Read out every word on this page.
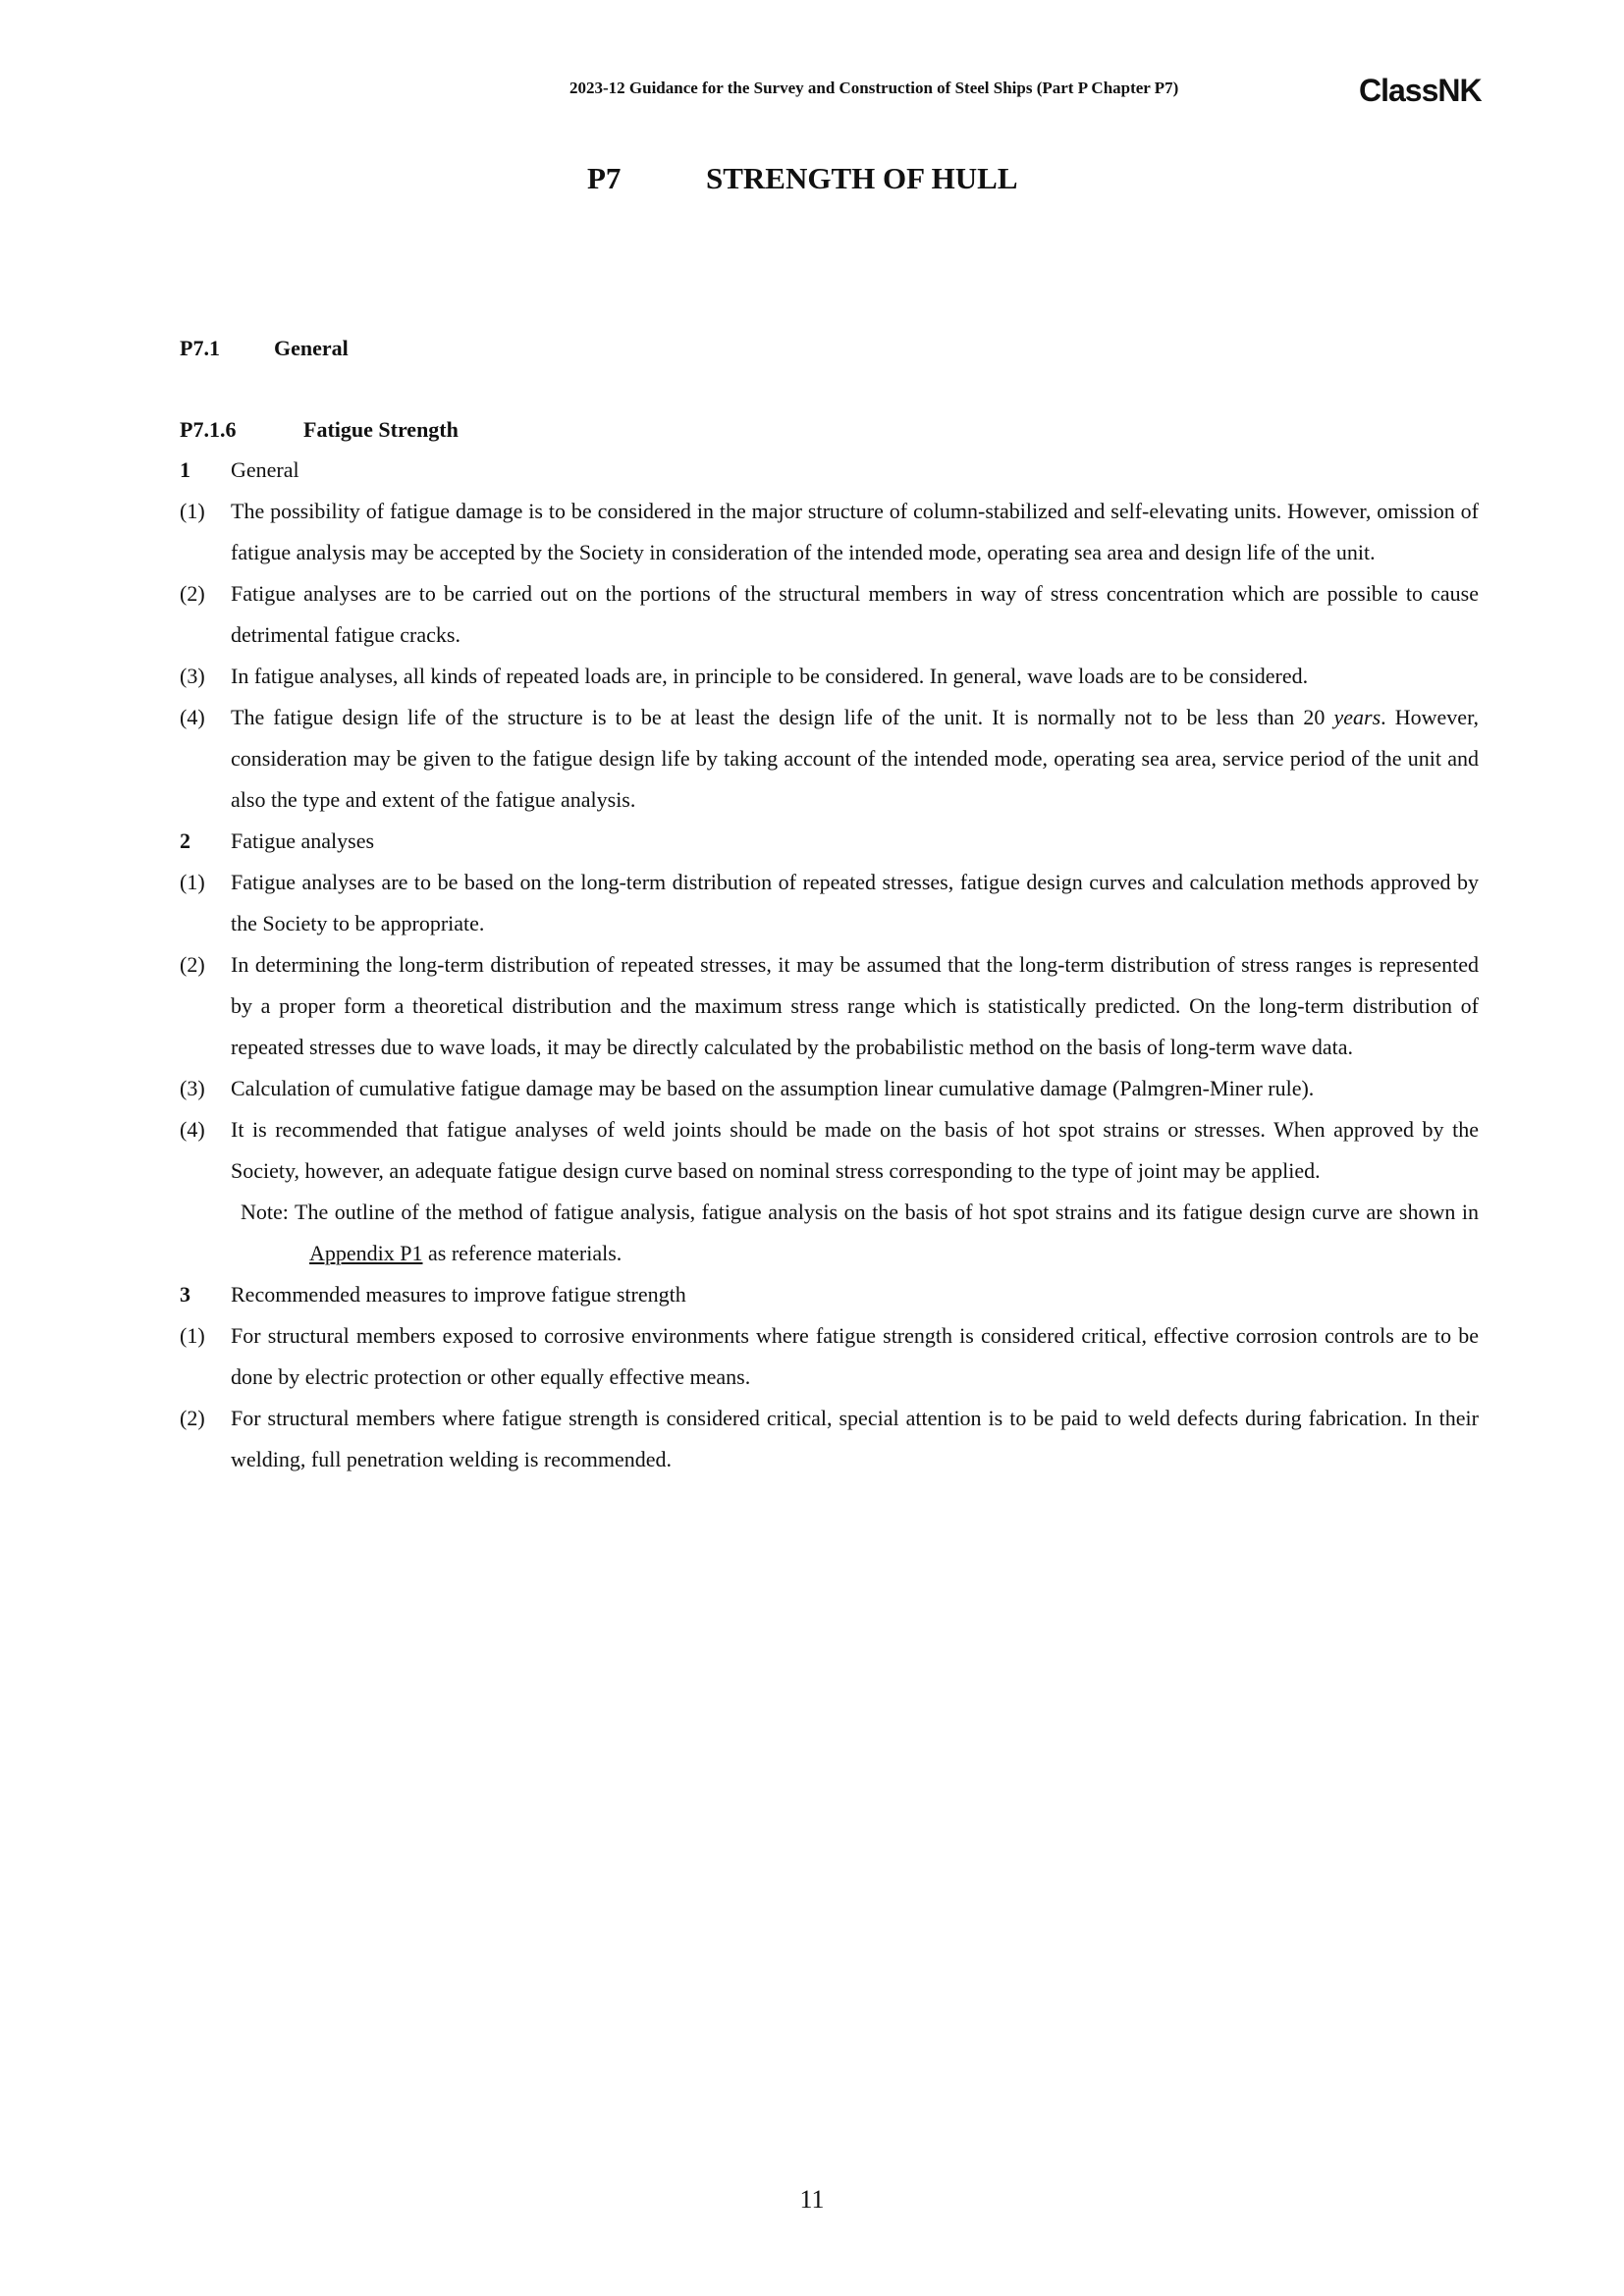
2023-12 Guidance for the Survey and Construction of Steel Ships (Part P Chapter P7)	ClassNK
P7	STRENGTH OF HULL
P7.1	General
P7.1.6	Fatigue Strength
1 General
(1) The possibility of fatigue damage is to be considered in the major structure of column-stabilized and self-elevating units. However, omission of fatigue analysis may be accepted by the Society in consideration of the intended mode, operating sea area and design life of the unit.
(2) Fatigue analyses are to be carried out on the portions of the structural members in way of stress concentration which are possible to cause detrimental fatigue cracks.
(3) In fatigue analyses, all kinds of repeated loads are, in principle to be considered. In general, wave loads are to be considered.
(4) The fatigue design life of the structure is to be at least the design life of the unit. It is normally not to be less than 20 years. However, consideration may be given to the fatigue design life by taking account of the intended mode, operating sea area, service period of the unit and also the type and extent of the fatigue analysis.
2 Fatigue analyses
(1) Fatigue analyses are to be based on the long-term distribution of repeated stresses, fatigue design curves and calculation methods approved by the Society to be appropriate.
(2) In determining the long-term distribution of repeated stresses, it may be assumed that the long-term distribution of stress ranges is represented by a proper form a theoretical distribution and the maximum stress range which is statistically predicted. On the long-term distribution of repeated stresses due to wave loads, it may be directly calculated by the probabilistic method on the basis of long-term wave data.
(3) Calculation of cumulative fatigue damage may be based on the assumption linear cumulative damage (Palmgren-Miner rule).
(4) It is recommended that fatigue analyses of weld joints should be made on the basis of hot spot strains or stresses. When approved by the Society, however, an adequate fatigue design curve based on nominal stress corresponding to the type of joint may be applied.
Note: The outline of the method of fatigue analysis, fatigue analysis on the basis of hot spot strains and its fatigue design curve are shown in Appendix P1 as reference materials.
3 Recommended measures to improve fatigue strength
(1) For structural members exposed to corrosive environments where fatigue strength is considered critical, effective corrosion controls are to be done by electric protection or other equally effective means.
(2) For structural members where fatigue strength is considered critical, special attention is to be paid to weld defects during fabrication. In their welding, full penetration welding is recommended.
11
